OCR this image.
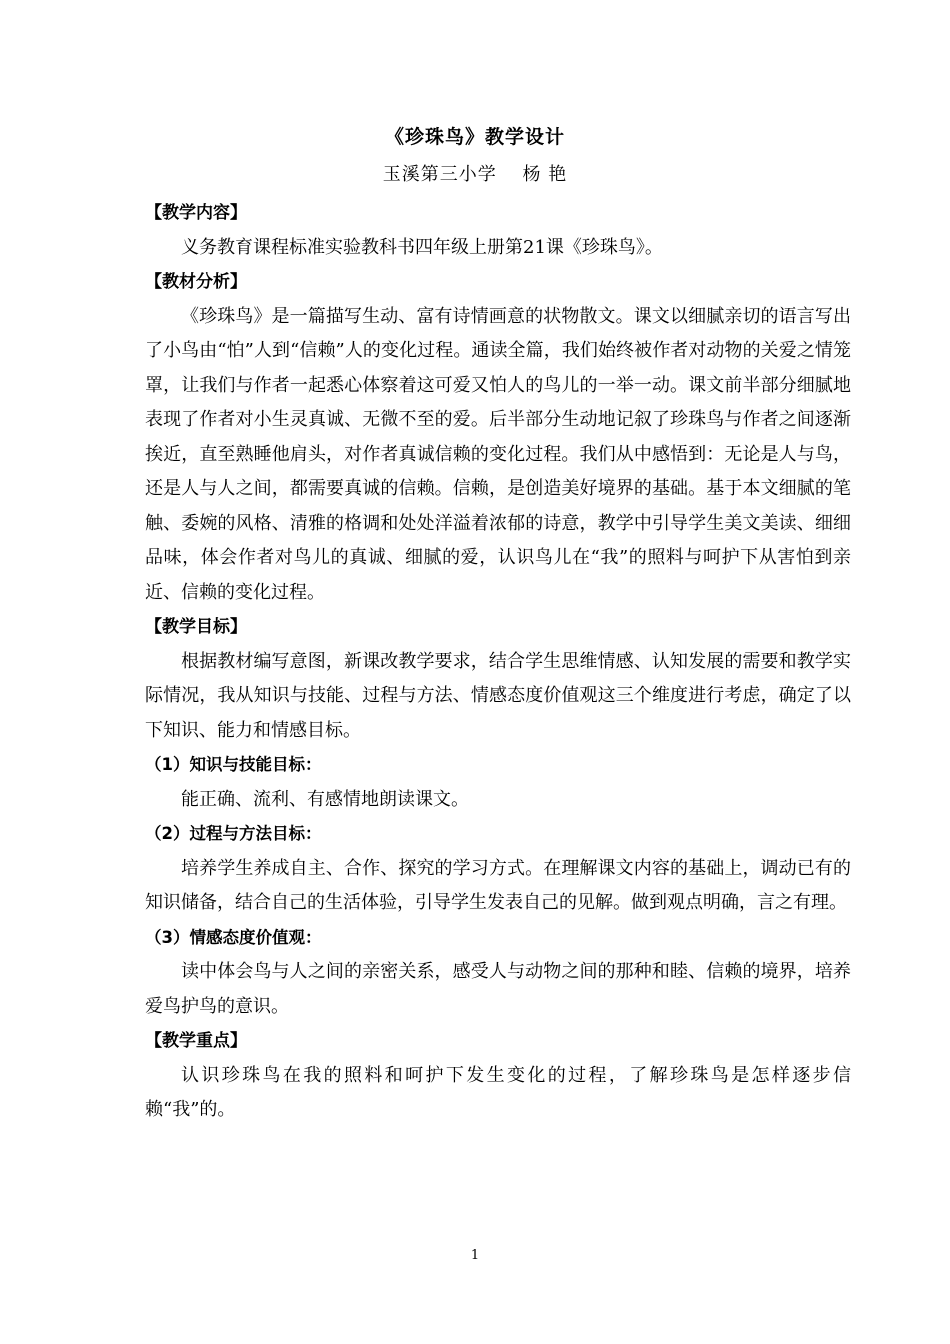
《珍珠鸟》教学设计
玉溪第三小学　 杨 艳
【教学内容】

义务教育课程标准实验教科书四年级上册第21课《珍珠鸟》。

【教材分析】

《珍珠鸟》是一篇描写生动、富有诗情画意的状物散文。课文以细腻亲切的语言写出了小鸟由“怕”人到“信赖”人的变化过程。通读全篇，我们始终被作者对动物的关爱之情笼罩，让我们与作者一起悉心体察着这可爱又怕人的鸟儿的一举一动。课文前半部分细腻地表现了作者对小生灵真诚、无微不至的爱。后半部分生动地记叙了珍珠鸟与作者之间逐渐挨近，直至熟睡他肩头，对作者真诚信赖的变化过程。我们从中感悟到：无论是人与鸟，还是人与人之间，都需要真诚的信赖。信赖，是创造美好境界的基础。基于本文细腻的笔触、委婉的风格、清雅的格调和处处洋溢着浓郁的诗意，教学中引导学生美文美读、细细品味，体会作者对鸟儿的真诚、细腻的爱，认识鸟儿在“我”的照料与呵护下从害怕到亲近、信赖的变化过程。

【教学目标】

根据教材编写意图，新课改教学要求，结合学生思维情感、认知发展的需要和教学实际情况，我从知识与技能、过程与方法、情感态度价值观这三个维度进行考虑，确定了以下知识、能力和情感目标。

（1）知识与技能目标：

能正确、流利、有感情地朗读课文。

（2）过程与方法目标：

培养学生养成自主、合作、探究的学习方式。在理解课文内容的基础上，调动已有的知识储备，结合自己的生活体验，引导学生发表自己的见解。做到观点明确，言之有理。

（3）情感态度价值观：

读中体会鸟与人之间的亲密关系，感受人与动物之间的那种和睦、信赖的境界，培养爱鸟护鸟的意识。

【教学重点】

认识珍珠鸟在我的照料和呵护下发生变化的过程，了解珍珠鸟是怎样逐步信赖“我”的。

1
